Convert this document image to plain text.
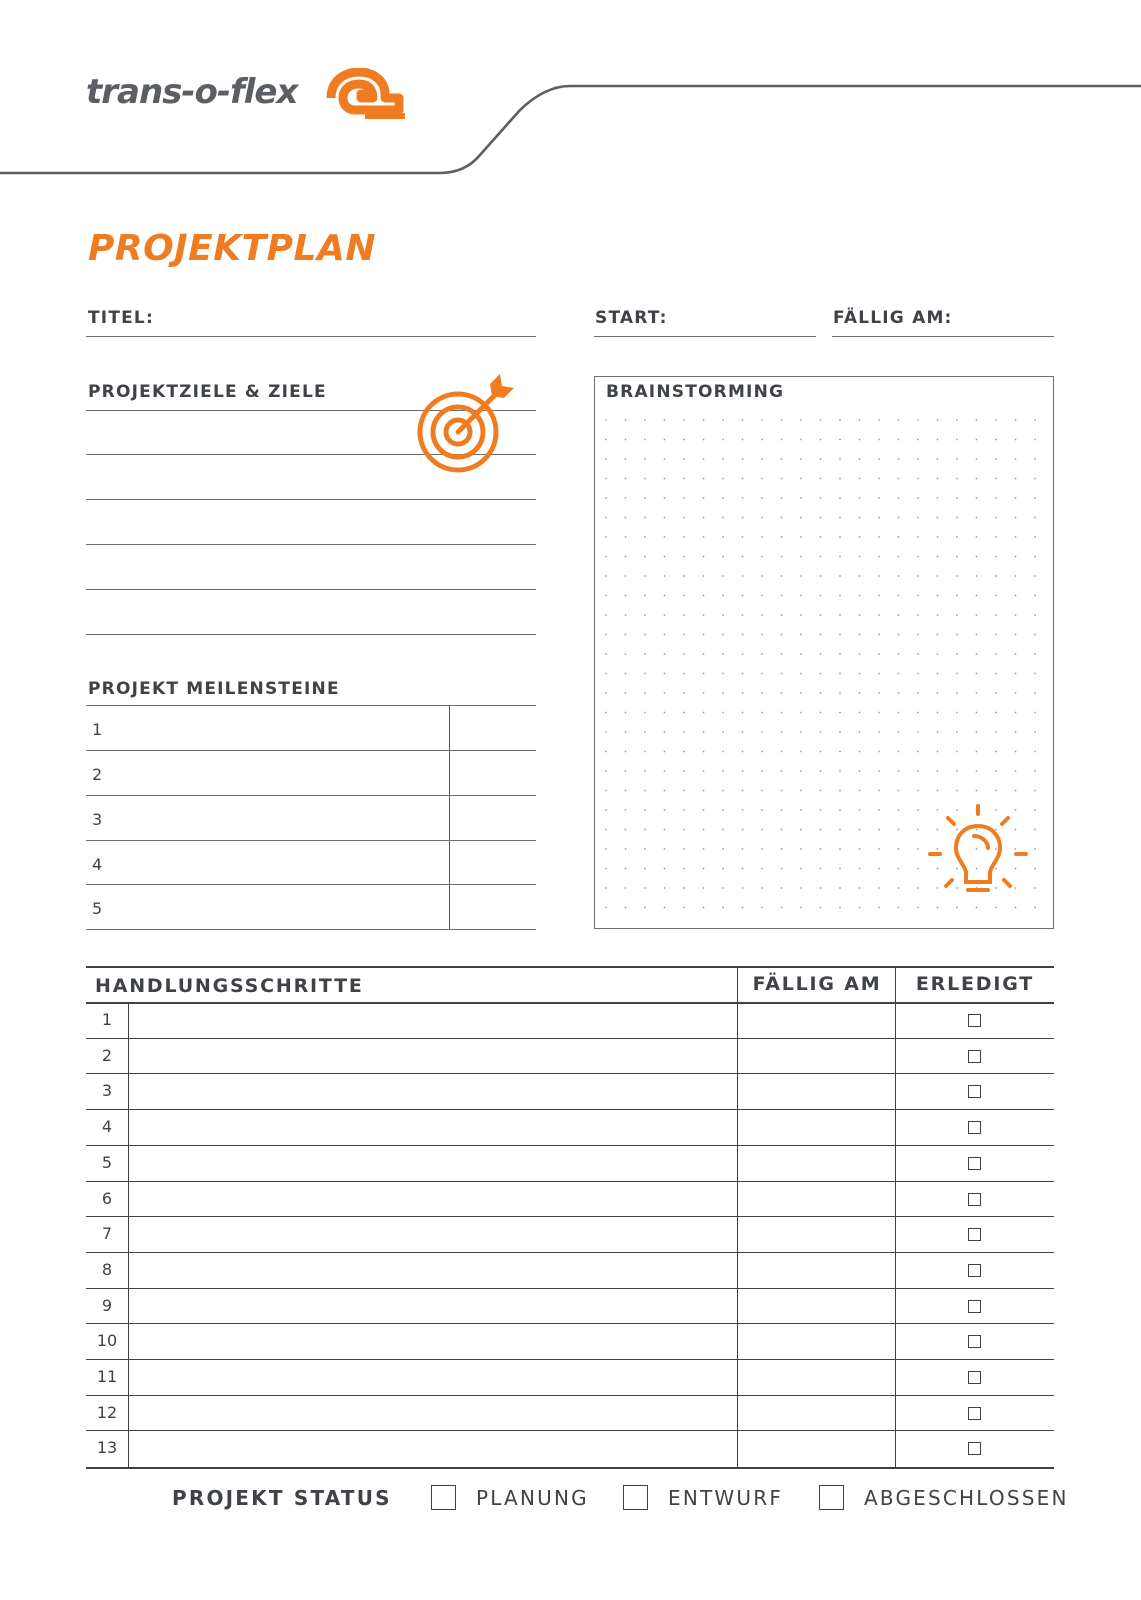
trans-o-flex
PROJEKTPLAN
TITEL:	START:	FÄLLIG AM:
PROJEKTZIELE & ZIELE
PROJEKT MEILENSTEINE
1
2
3
4
5
BRAINSTORMING
HANDLUNGSSCHRITTE	FÄLLIG AM	ERLEDIGT
1
2
3
4
5
6
7
8
9
10
11
12
13
PROJEKT STATUS	PLANUNG	ENTWURF	ABGESCHLOSSEN
